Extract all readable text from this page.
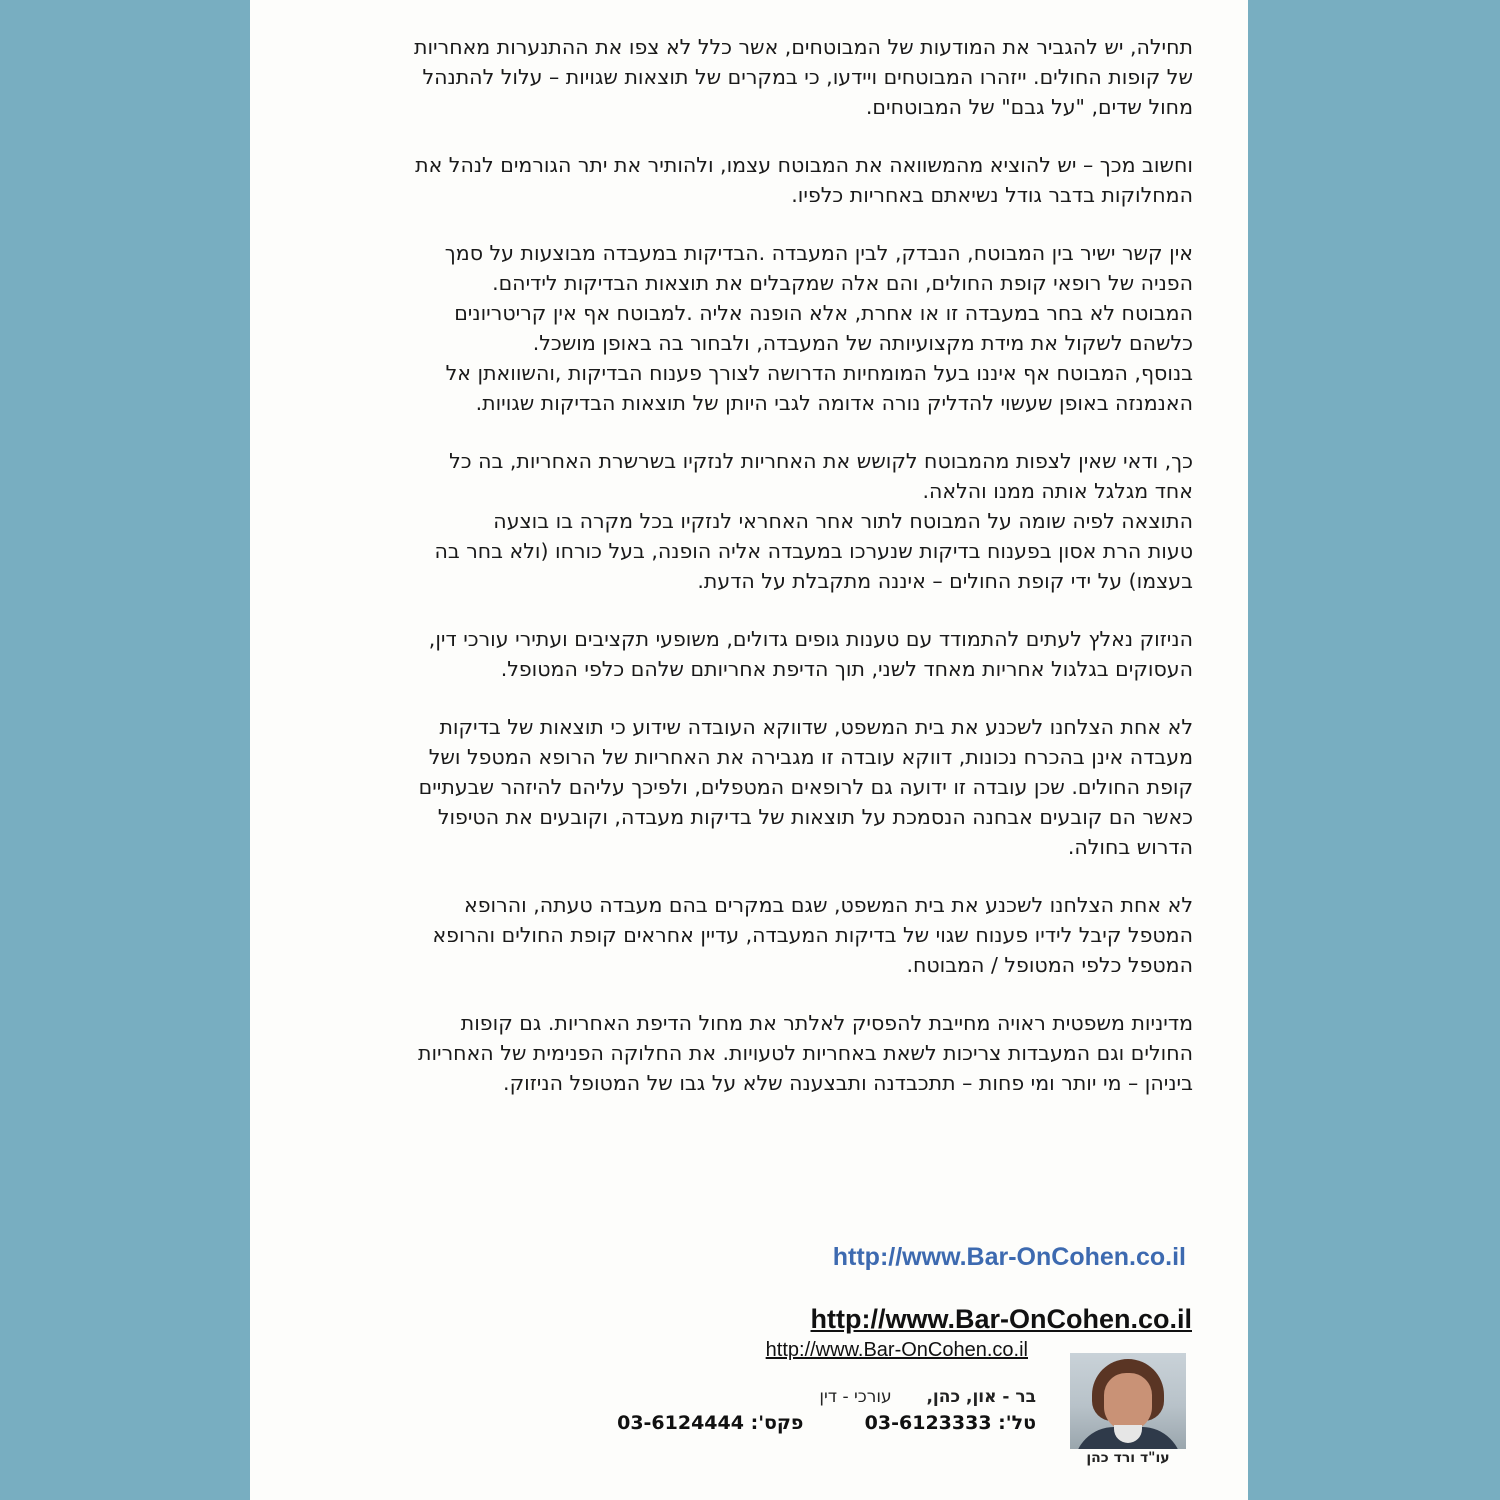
תחילה, יש להגביר את המודעות של המבוטחים, אשר כלל לא צפו את ההתנערות מאחריות
של קופות החולים. ייזהרו המבוטחים ויידעו, כי במקרים של תוצאות שגויות – עלול להתנהל
מחול שדים, "על גבם" של המבוטחים.
וחשוב מכך – יש להוציא מהמשוואה את המבוטח עצמו, ולהותיר את יתר הגורמים לנהל את
המחלוקות בדבר גודל נשיאתם באחריות כלפיו.
אין קשר ישיר בין המבוטח, הנבדק, לבין המעבדה .הבדיקות במעבדה מבוצעות על סמך
הפניה של רופאי קופת החולים, והם אלה שמקבלים את תוצאות הבדיקות לידיהם.
המבוטח לא בחר במעבדה זו או אחרת, אלא הופנה אליה .למבוטח אף אין קריטריונים
כלשהם לשקול את מידת מקצועיותה של המעבדה, ולבחור בה באופן מושכל.
בנוסף, המבוטח אף איננו בעל המומחיות הדרושה לצורך פענוח הבדיקות ,והשוואתן אל
האנמנזה באופן שעשוי להדליק נורה אדומה לגבי היותן של תוצאות הבדיקות שגויות.
כך, ודאי שאין לצפות מהמבוטח לקושש את האחריות לנזקיו בשרשרת האחריות, בה כל
אחד מגלגל אותה ממנו והלאה.
התוצאה לפיה שומה על המבוטח לתור אחר האחראי לנזקיו בכל מקרה בו בוצעה
טעות הרת אסון בפענוח בדיקות שנערכו במעבדה אליה הופנה, בעל כורחו (ולא בחר בה
בעצמו) על ידי קופת החולים – איננה מתקבלת על הדעת.
הניזוק נאלץ לעתים להתמודד עם טענות גופים גדולים, משופעי תקציבים ועתירי עורכי דין,
העסוקים בגלגול אחריות מאחד לשני, תוך הדיפת אחריותם שלהם כלפי המטופל.
לא אחת הצלחנו לשכנע את בית המשפט, שדווקא העובדה שידוע כי תוצאות של בדיקות
מעבדה אינן בהכרח נכונות, דווקא עובדה זו מגבירה את האחריות של הרופא המטפל ושל
קופת החולים. שכן עובדה זו ידועה גם לרופאים המטפלים, ולפיכך עליהם להיזהר שבעתיים
כאשר הם קובעים אבחנה הנסמכת על תוצאות של בדיקות מעבדה, וקובעים את הטיפול
הדרוש בחולה.
לא אחת הצלחנו לשכנע את בית המשפט, שגם במקרים בהם מעבדה טעתה, והרופא
המטפל קיבל לידיו פענוח שגוי של בדיקות המעבדה, עדיין אחראים קופת החולים והרופא
המטפל כלפי המטופל / המבוטח.
מדיניות משפטית ראויה מחייבת להפסיק לאלתר את מחול הדיפת האחריות. גם קופות
החולים וגם המעבדות צריכות לשאת באחריות לטעויות. את החלוקה הפנימית של האחריות
ביניהן – מי יותר ומי פחות – תתכבדנה ותבצענה שלא על גבו של המטופל הניזוק.
http://www.Bar-OnCohen.co.il
http://www.Bar-OnCohen.co.il
http://www.Bar-OnCohen.co.il
בר - און, כהן,  עורכי - דין
טל': 03-6123333  פקס': 03-6124444
עו"ד ורד כהן
